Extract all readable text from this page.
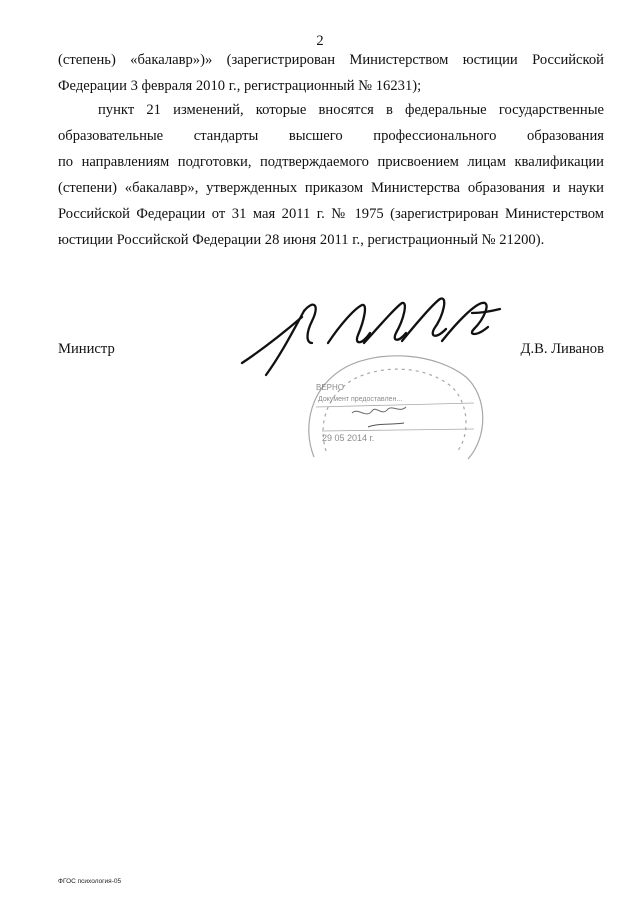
2
(степень) «бакалавр»)» (зарегистрирован Министерством юстиции Российской
Федерации 3 февраля 2010 г., регистрационный № 16231);
пункт 21 изменений, которые вносятся в федеральные государственные
образовательные стандарты высшего профессионального образования
по направлениям подготовки, подтверждаемого присвоением лицам квалификации
(степени) «бакалавр», утвержденных приказом Министерства образования и науки
Российской Федерации от 31 мая 2011 г. № 1975 (зарегистрирован Министерством
юстиции Российской Федерации 28 июня 2011 г., регистрационный № 21200).
Министр	Д.В. Ливанов
ВЕРНО
Документ предоставлен...
29 05 2014 г.
ФГОС психология-05
